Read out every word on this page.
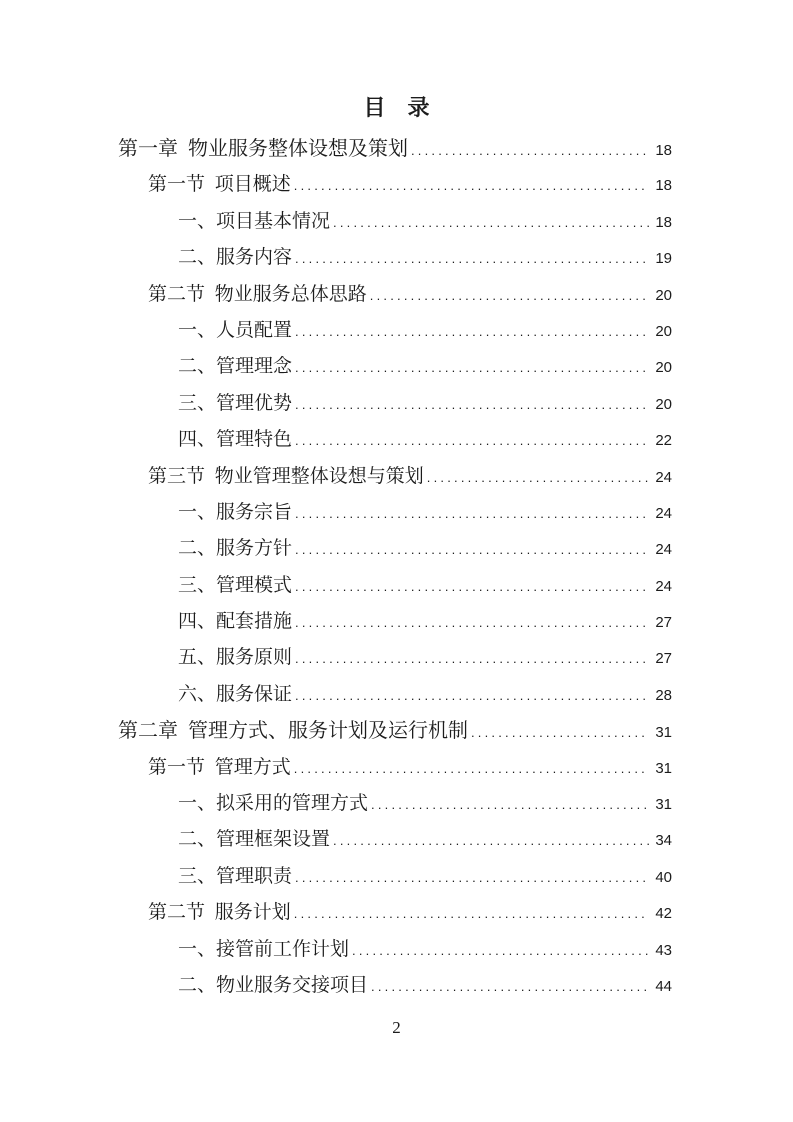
目　录
第一章 物业服务整体设想及策划 .....	18
第一节 项目概述 .....	18
一、项目基本情况 .....	18
二、服务内容 .....	19
第二节 物业服务总体思路 .....	20
一、人员配置 .....	20
二、管理理念 .....	20
三、管理优势 .....	20
四、管理特色 .....	22
第三节 物业管理整体设想与策划 .....	24
一、服务宗旨 .....	24
二、服务方针 .....	24
三、管理模式 .....	24
四、配套措施 .....	27
五、服务原则 .....	27
六、服务保证 .....	28
第二章 管理方式、服务计划及运行机制 .....	31
第一节 管理方式 .....	31
一、拟采用的管理方式 .....	31
二、管理框架设置 .....	34
三、管理职责 .....	40
第二节 服务计划 .....	42
一、接管前工作计划 .....	43
二、物业服务交接项目 .....	44
2
